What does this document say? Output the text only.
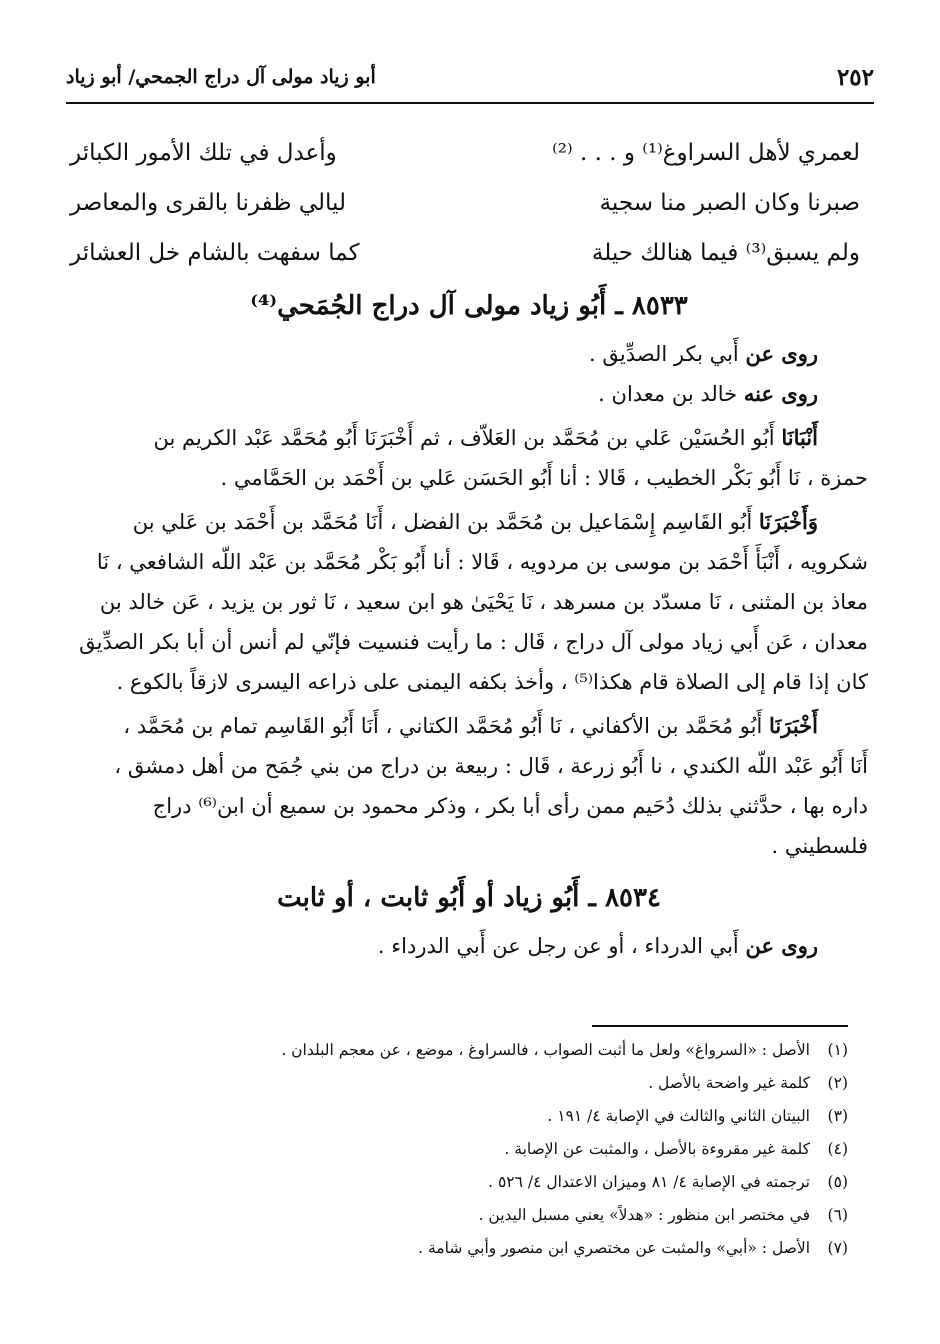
٢٥٢
أبو زياد مولى آل دراج الجمحي/ أبو زياد
لعمري لأهل السراوغ⁽¹⁾ و . . . ⁽²⁾
وأعدل في تلك الأمور الكبائر
صبرنا وكان الصبر منا سجية
ليالي ظفرنا بالقرى والمعاصر
ولم يسبق⁽³⁾ فيما هنالك حيلة
كما سفهت بالشام خل العشائر
٨٥٣٣ ـ أَبُو زياد مولى آل دراج الجُمَحي⁽⁴⁾
روى عن أَبي بكر الصدِّيق .
روى عنه خالد بن معدان .
أَنْبَانَا أَبُو الحُسَيْن عَلي بن مُحَمَّد بن العَلاّف ، ثم أَخْبَرَنَا أَبُو مُحَمَّد عَبْد الكريم بن
حمزة ، نَا أَبُو بَكْر الخطيب ، قَالا : أنا أَبُو الحَسَن عَلي بن أَحْمَد بن الحَمَّامي .
وَأَخْبَرَنَا أَبُو القَاسِم إِسْمَاعيل بن مُحَمَّد بن الفضل ، أَنَا مُحَمَّد بن أَحْمَد بن عَلي بن
شكرويه ، أَنْبَأَ أَحْمَد بن موسى بن مردويه ، قَالا : أنا أَبُو بَكْر مُحَمَّد بن عَبْد اللّه الشافعي ، نَا
معاذ بن المثنى ، نَا مسدّد بن مسرهد ، نَا يَحْيَىٰ هو ابن سعيد ، نَا ثور بن يزيد ، عَن خالد بن
معدان ، عَن أَبي زياد مولى آل دراج ، قَال : ما رأيت فنسيت فإنّي لم أنس أن أبا بكر الصدِّيق
كان إذا قام إلى الصلاة قام هكذا⁽⁵⁾ ، وأخذ بكفه اليمنى على ذراعه اليسرى لازقاً بالكوع .
أَخْبَرَنَا أَبُو مُحَمَّد بن الأكفاني ، نَا أَبُو مُحَمَّد الكتاني ، أَنَا أَبُو القَاسِم تمام بن مُحَمَّد ،
أَنَا أَبُو عَبْد اللّه الكندي ، نا أَبُو زرعة ، قَال : ربيعة بن دراج من بني جُمَح من أهل دمشق ،
داره بها ، حدَّثني بذلك دُحَيم ممن رأى أبا بكر ، وذكر محمود بن سميع أن ابن⁽⁶⁾ دراج
فلسطيني .
٨٥٣٤ ـ أَبُو زياد أو أَبُو ثابت ، أو ثابت
روى عن أَبي الدرداء ، أو عن رجل عن أَبي الدرداء .
(١)الأصل : «السرواغ» ولعل ما أثبت الصواب ، فالسراوغ ، موضع ، عن معجم البلدان .
(٢)كلمة غير واضحة بالأصل .
(٣)البيتان الثاني والثالث في الإصابة ٤/ ١٩١ .
(٤)كلمة غير مقروءة بالأصل ، والمثبت عن الإصابة .
(٥)ترجمته في الإصابة ٤/ ٨١ وميزان الاعتدال ٤/ ٥٢٦ .
(٦)في مختصر ابن منظور : «هدلاً» يعني مسبل اليدين .
(٧)الأصل : «أبي» والمثبت عن مختصري ابن منصور وأبي شامة .
